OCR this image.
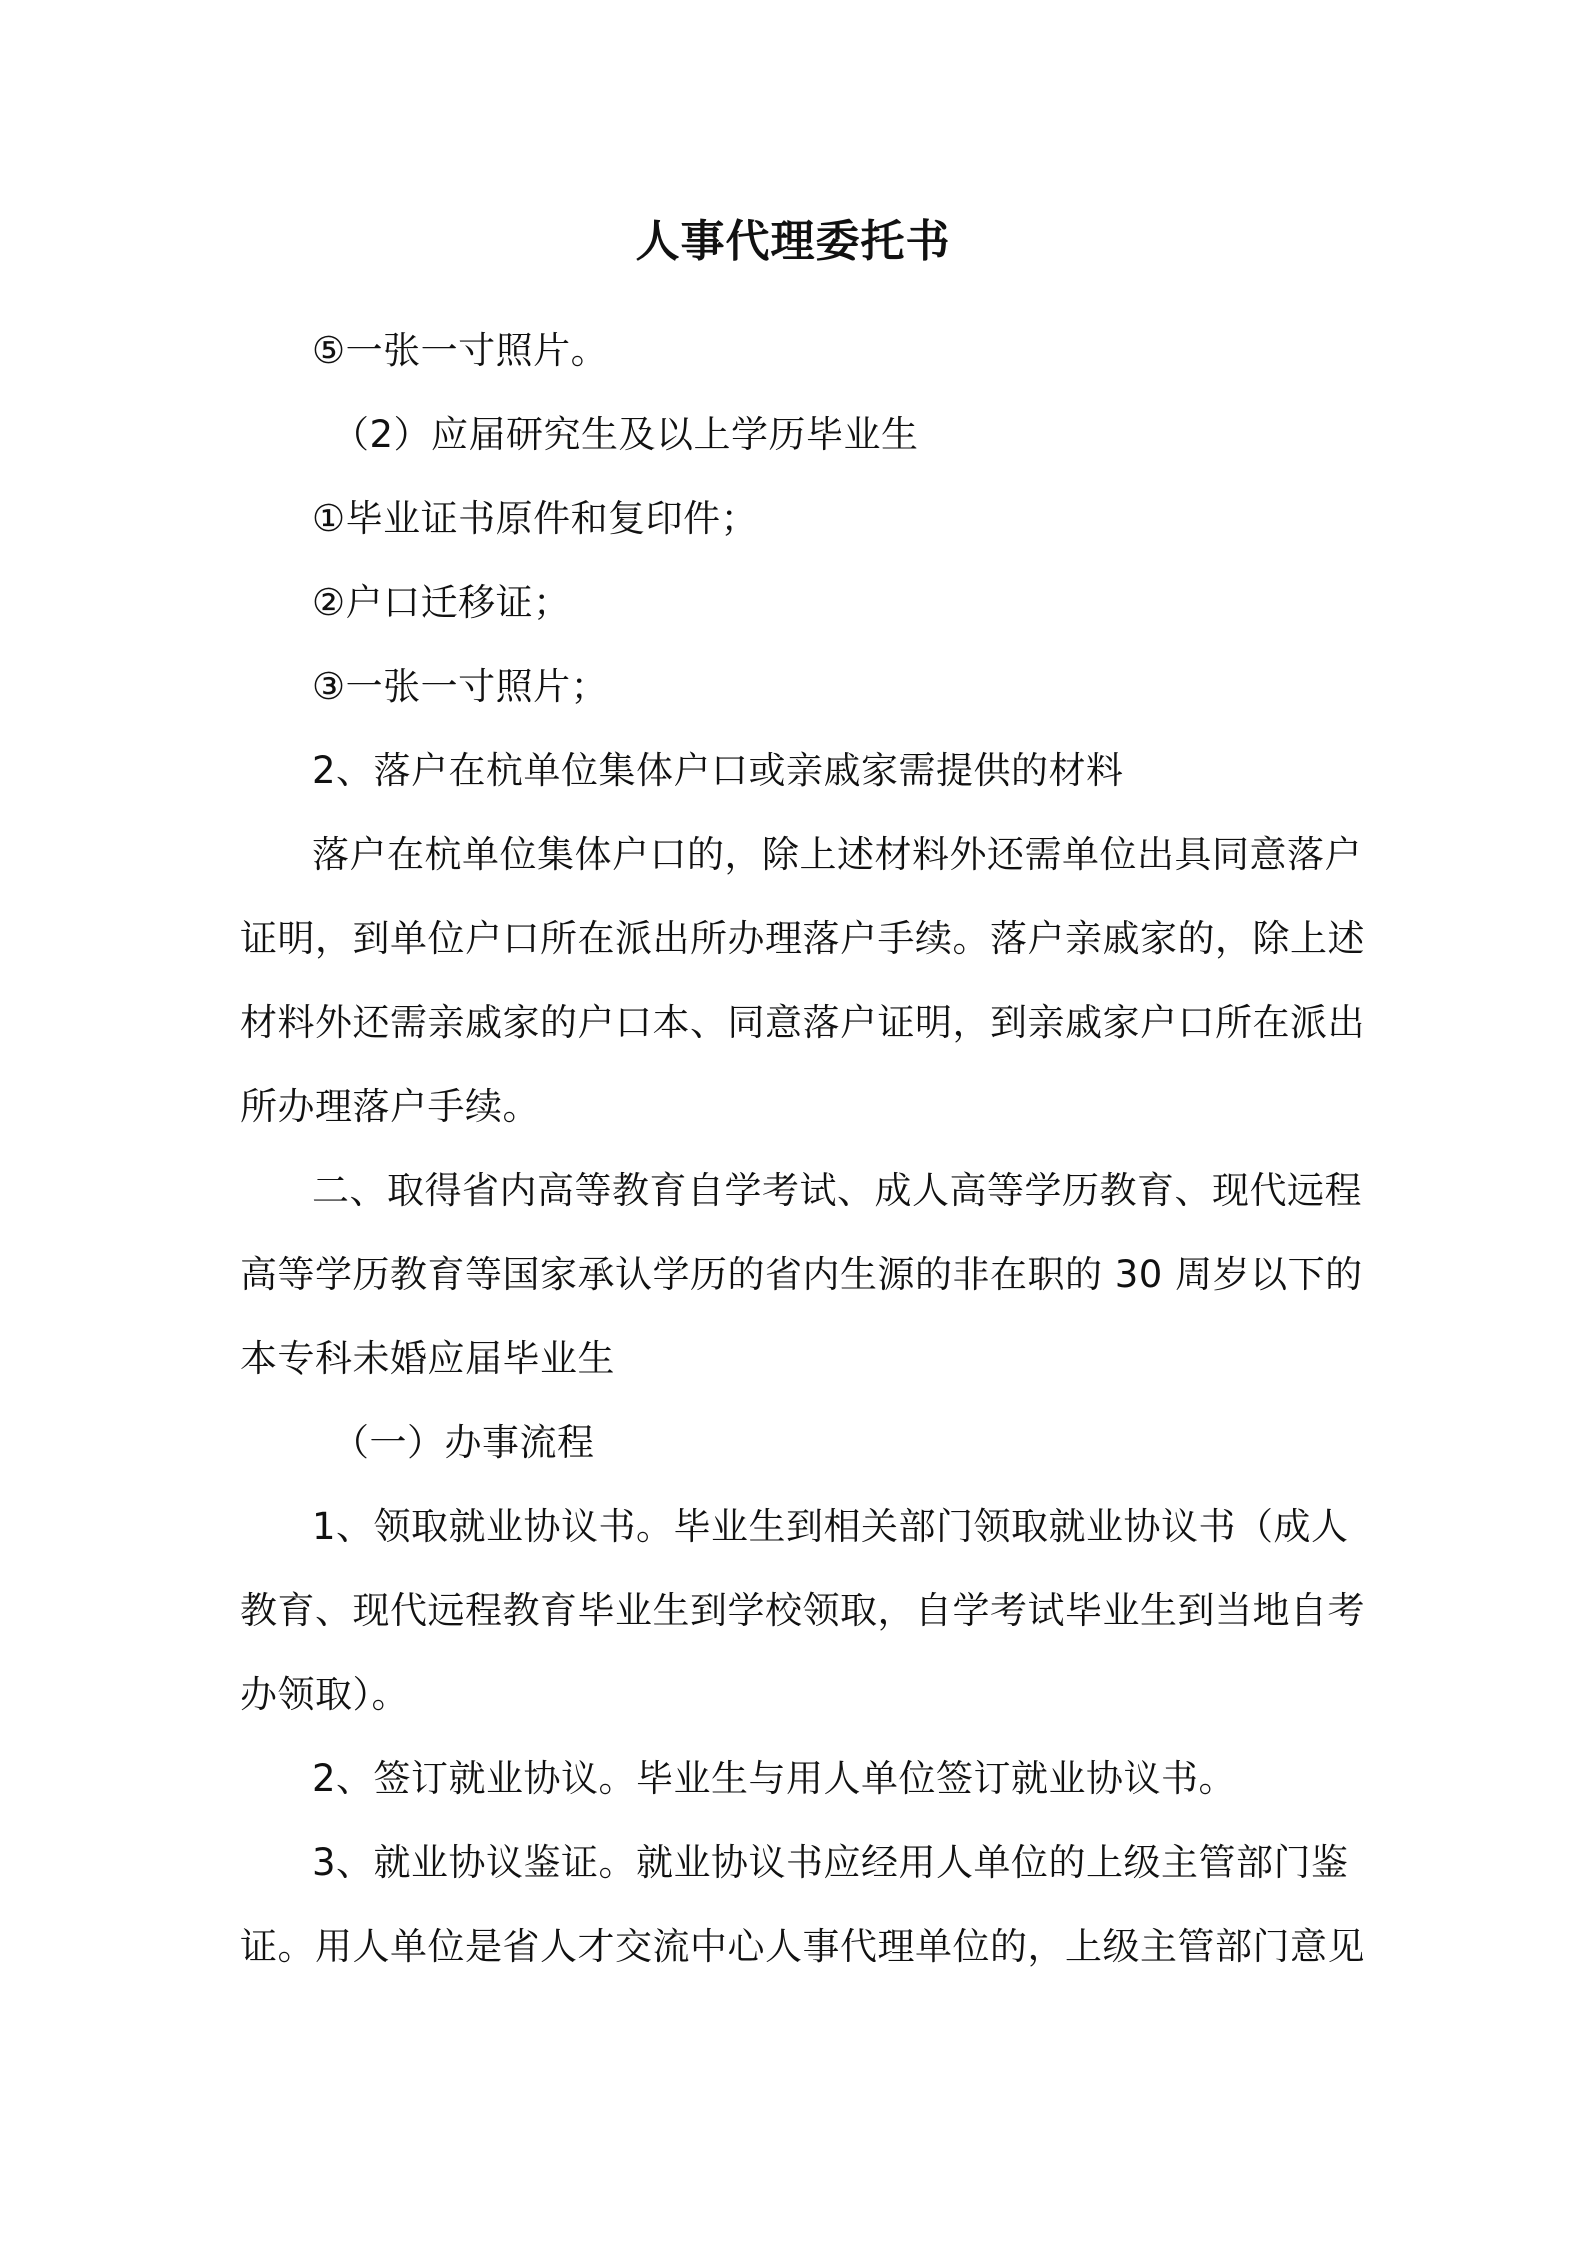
人事代理委托书
⑤一张一寸照片。
（2）应届研究生及以上学历毕业生
①毕业证书原件和复印件；
②户口迁移证；
③一张一寸照片；
2、落户在杭单位集体户口或亲戚家需提供的材料
落户在杭单位集体户口的，除上述材料外还需单位出具同意落户
证明，到单位户口所在派出所办理落户手续。落户亲戚家的，除上述
材料外还需亲戚家的户口本、同意落户证明，到亲戚家户口所在派出
所办理落户手续。
二、取得省内高等教育自学考试、成人高等学历教育、现代远程
高等学历教育等国家承认学历的省内生源的非在职的 30 周岁以下的
本专科未婚应届毕业生
（一）办事流程
1、领取就业协议书。毕业生到相关部门领取就业协议书（成人
教育、现代远程教育毕业生到学校领取，自学考试毕业生到当地自考
办领取）。
2、签订就业协议。毕业生与用人单位签订就业协议书。
3、就业协议鉴证。就业协议书应经用人单位的上级主管部门鉴
证。用人单位是省人才交流中心人事代理单位的，上级主管部门意见
